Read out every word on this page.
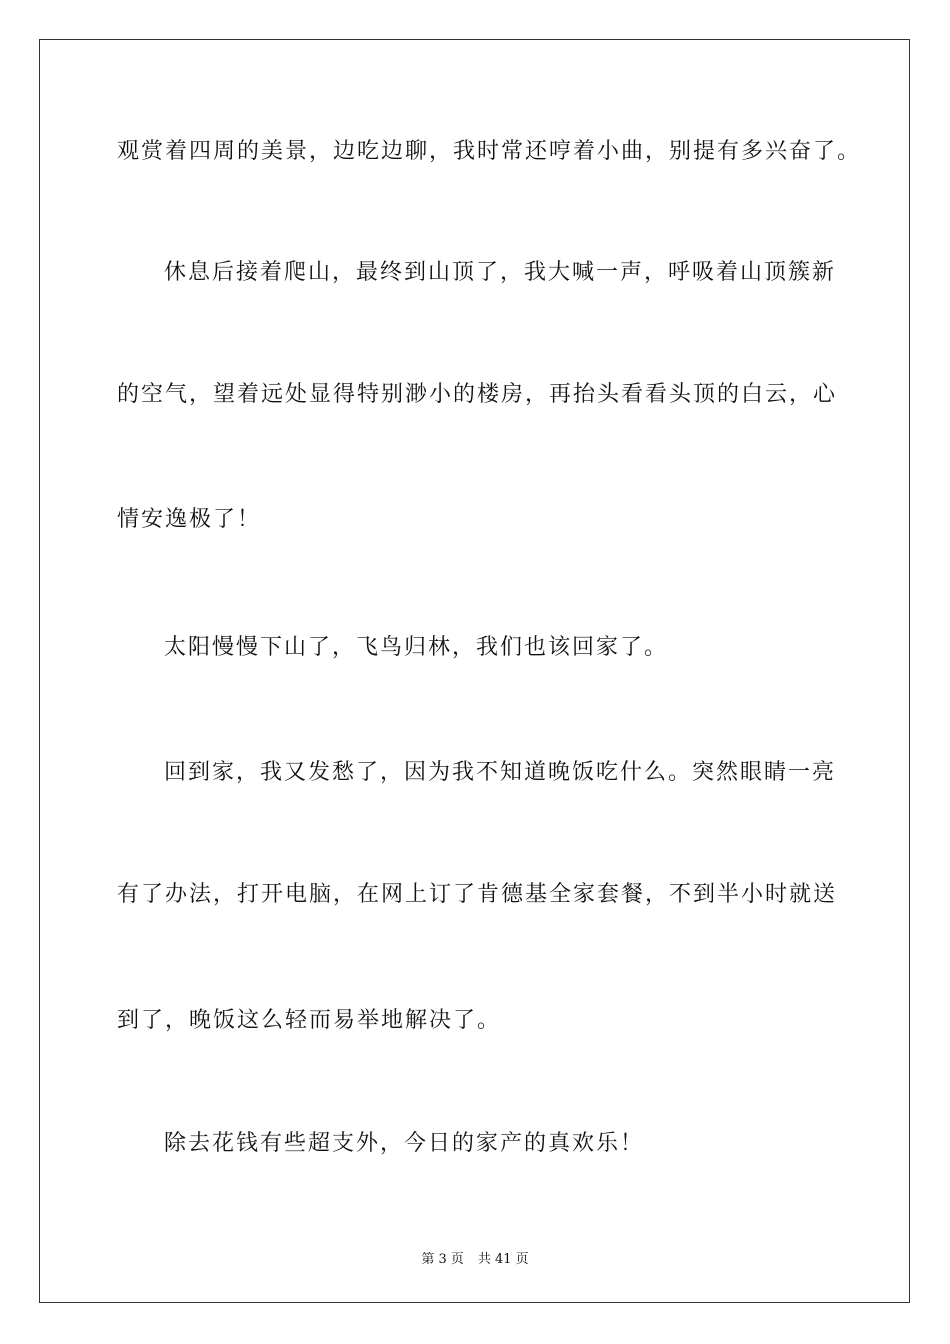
观赏着四周的美景，边吃边聊，我时常还哼着小曲，别提有多兴奋了。
休息后接着爬山，最终到山顶了，我大喊一声，呼吸着山顶簇新
的空气，望着远处显得特别渺小的楼房，再抬头看看头顶的白云，心
情安逸极了！
太阳慢慢下山了，飞鸟归林，我们也该回家了。
回到家，我又发愁了，因为我不知道晚饭吃什么。突然眼睛一亮
有了办法，打开电脑，在网上订了肯德基全家套餐，不到半小时就送
到了，晚饭这么轻而易举地解决了。
除去花钱有些超支外，今日的家产的真欢乐！
第 3 页 共 41 页
